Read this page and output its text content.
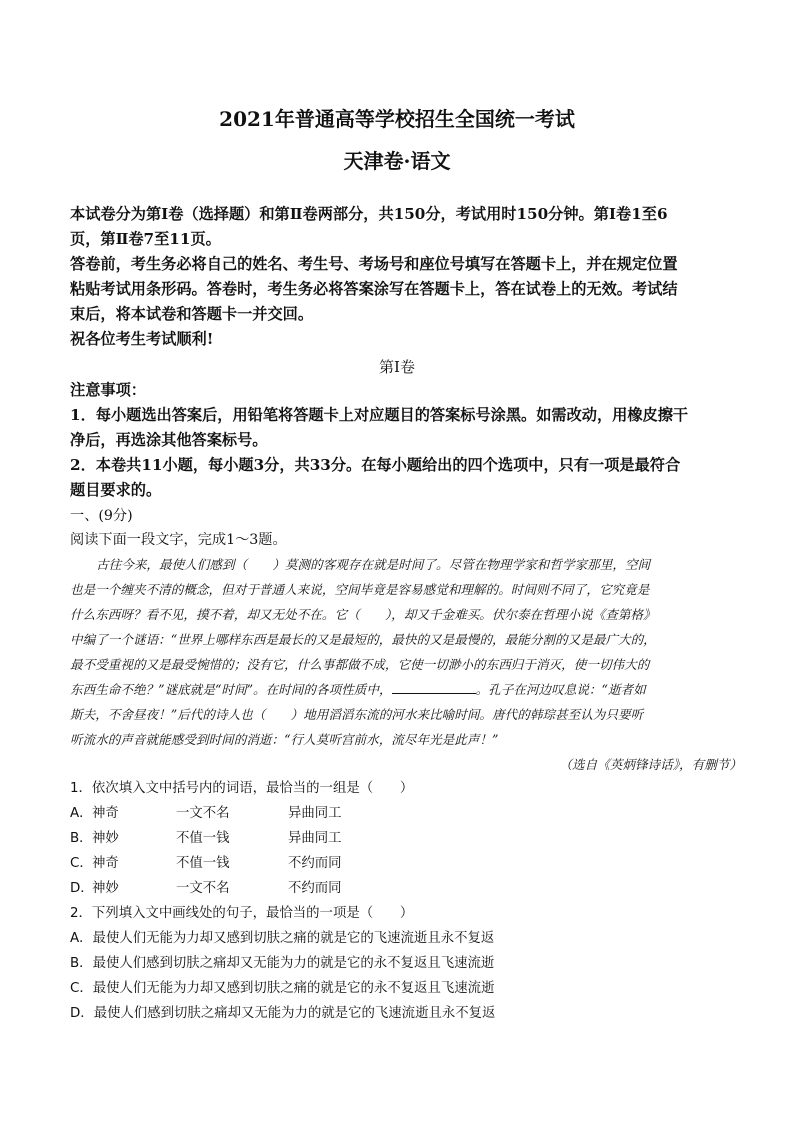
2021年普通高等学校招生全国统一考试
天津卷·语文
本试卷分为第Ⅰ卷（选择题）和第Ⅱ卷两部分，共150分，考试用时150分钟。第Ⅰ卷1至6
页，第Ⅱ卷7至11页。
答卷前，考生务必将自己的姓名、考生号、考场号和座位号填写在答题卡上，并在规定位置
粘贴考试用条形码。答卷时，考生务必将答案涂写在答题卡上，答在试卷上的无效。考试结
束后，将本试卷和答题卡一并交回。
祝各位考生考试顺利!
第Ⅰ卷
注意事项：
1．每小题选出答案后，用铅笔将答题卡上对应题目的答案标号涂黑。如需改动，用橡皮擦干
净后，再选涂其他答案标号。
2．本卷共11小题，每小题3分，共33分。在每小题给出的四个选项中，只有一项是最符合
题目要求的。
一、(9分)
阅读下面一段文字，完成1～3题。
古往今来，最使人们感到（　　）莫测的客观存在就是时间了。尽管在物理学家和哲学家那里，空间
也是一个缠夹不清的概念，但对于普通人来说，空间毕竟是容易感觉和理解的。时间则不同了，它究竟是
什么东西呀？看不见，摸不着，却又无处不在。它（　　），却又千金难买。伏尔泰在哲理小说《查第格》
中编了一个谜语：“世界上哪样东西是最长的又是最短的，最快的又是最慢的，最能分割的又是最广大的，
最不受重视的又是最受惋惜的；没有它，什么事都做不成，它使一切渺小的东西归于消灭，使一切伟大的
东西生命不绝？”谜底就是“时间”。在时间的各项性质中，	。孔子在河边叹息说：“逝者如
斯夫，不舍昼夜！”后代的诗人也（　　）地用滔滔东流的河水来比喻时间。唐代的韩琮甚至认为只要听
听流水的声音就能感受到时间的消逝：“行人莫听宫前水，流尽年光是此声！”
（选自《英炳锋诗话》，有删节）
1．依次填入文中括号内的词语，最恰当的一组是（　　）
A．神奇	一文不名	异曲同工
B．神妙	不值一钱	异曲同工
C．神奇	不值一钱	不约而同
D．神妙	一文不名	不约而同
2．下列填入文中画线处的句子，最恰当的一项是（　　）
A．最使人们无能为力却又感到切肤之痛的就是它的飞速流逝且永不复返
B．最使人们感到切肤之痛却又无能为力的就是它的永不复返且飞速流逝
C．最使人们无能为力却又感到切肤之痛的就是它的永不复返且飞速流逝
D．最使人们感到切肤之痛却又无能为力的就是它的飞速流逝且永不复返
